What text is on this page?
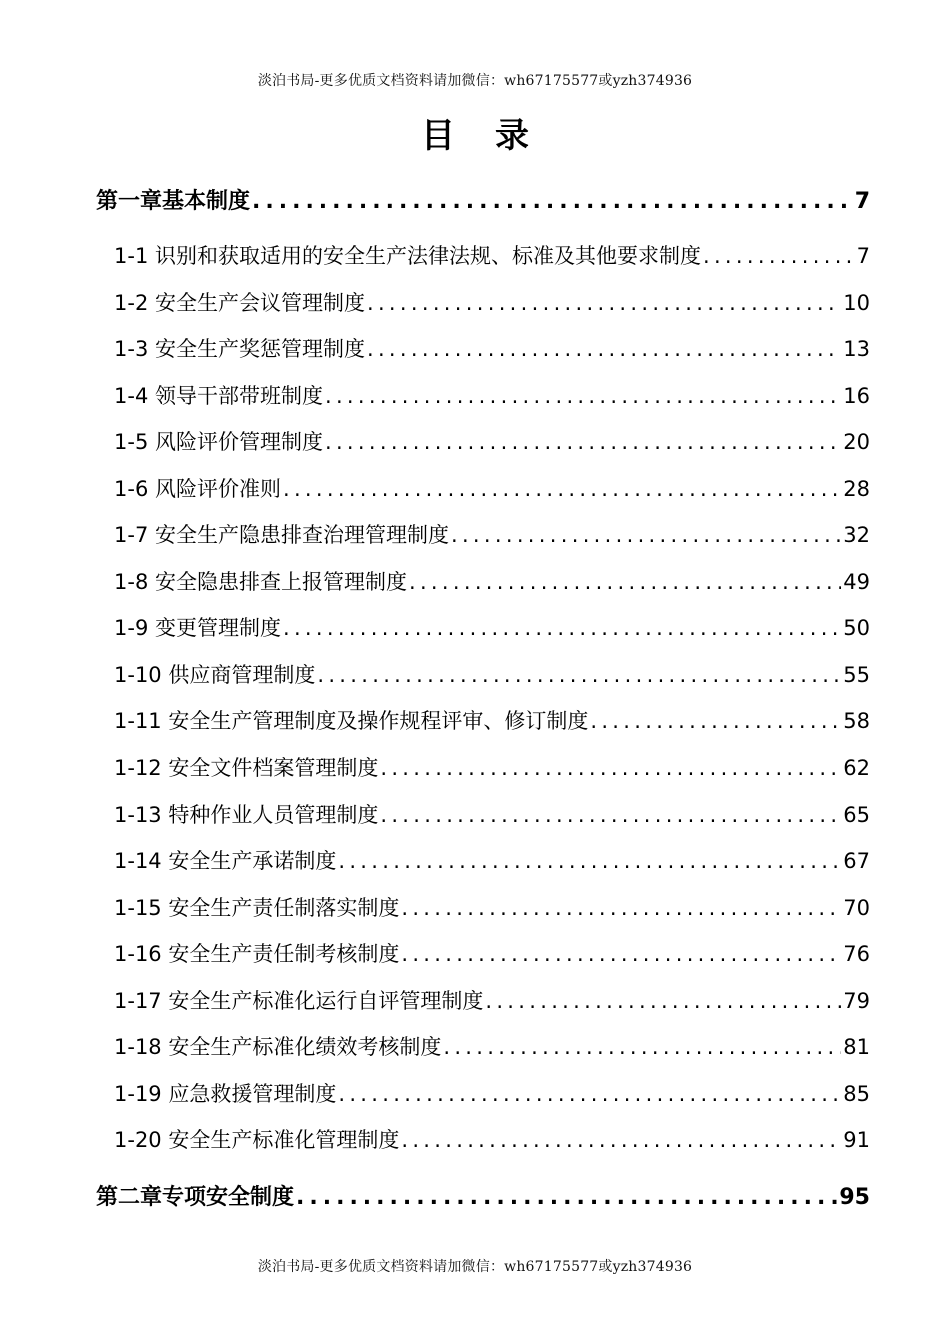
淡泊书局-更多优质文档资料请加微信：wh67175577或yzh374936
目录
第一章基本制度 .....	7
1-1 识别和获取适用的安全生产法律法规、标准及其他要求制度 .....	7
1-2 安全生产会议管理制度 .....	10
1-3 安全生产奖惩管理制度 .....	13
1-4 领导干部带班制度 .....	16
1-5 风险评价管理制度 .....	20
1-6 风险评价准则 .....	28
1-7 安全生产隐患排查治理管理制度 .....	32
1-8 安全隐患排查上报管理制度 .....	49
1-9 变更管理制度 .....	50
1-10 供应商管理制度 .....	55
1-11 安全生产管理制度及操作规程评审、修订制度 .....	58
1-12 安全文件档案管理制度 .....	62
1-13 特种作业人员管理制度 .....	65
1-14 安全生产承诺制度 .....	67
1-15 安全生产责任制落实制度 .....	70
1-16 安全生产责任制考核制度 .....	76
1-17 安全生产标准化运行自评管理制度 .....	79
1-18 安全生产标准化绩效考核制度 .....	81
1-19 应急救援管理制度 .....	85
1-20 安全生产标准化管理制度 .....	91
第二章专项安全制度 .....	95
淡泊书局-更多优质文档资料请加微信：wh67175577或yzh374936
